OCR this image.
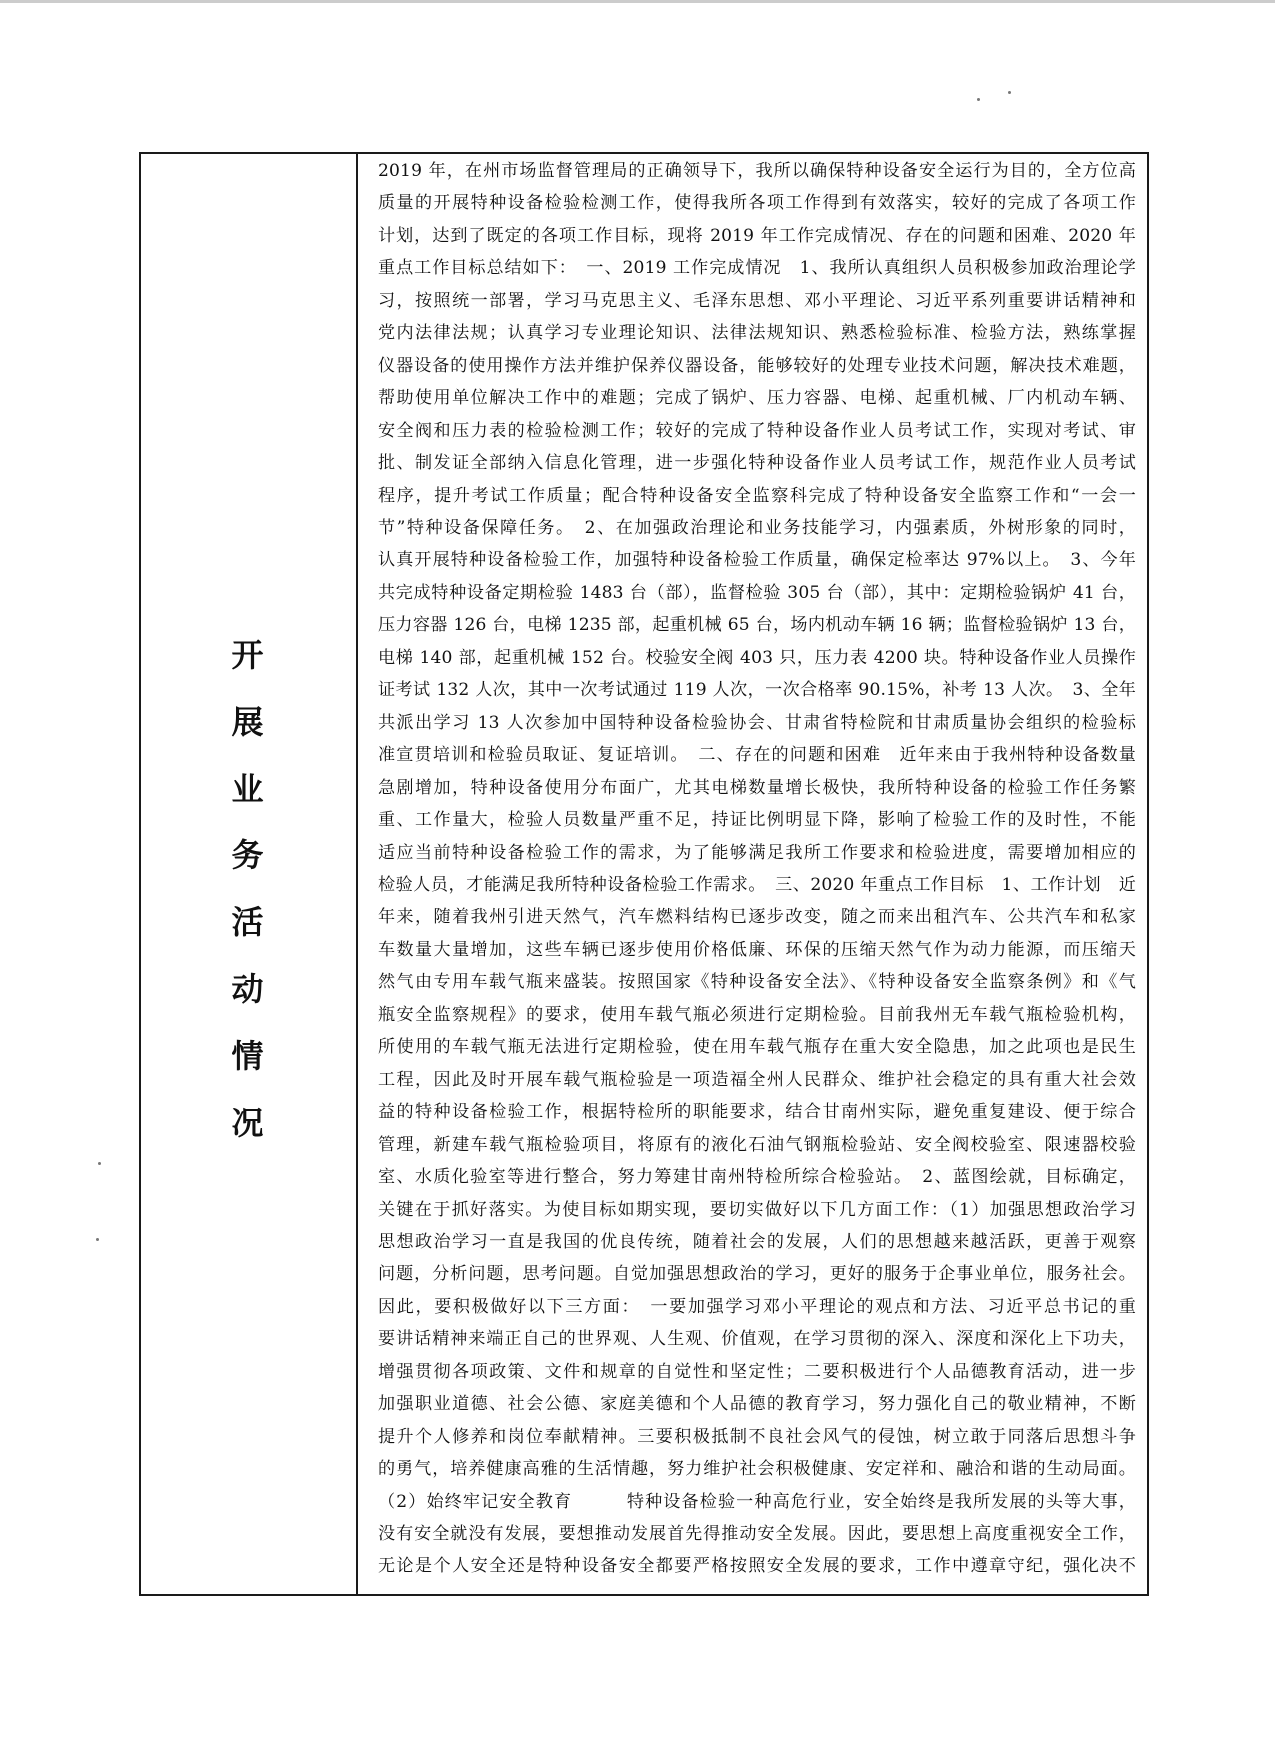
开
展
业
务
活
动
情
况
2019 年，在州市场监督管理局的正确领导下，我所以确保特种设备安全运行为目的，全方位高
质量的开展特种设备检验检测工作，使得我所各项工作得到有效落实，较好的完成了各项工作
计划，达到了既定的各项工作目标，现将 2019 年工作完成情况、存在的问题和困难、2020 年
重点工作目标总结如下：　一、2019 工作完成情况　1、我所认真组织人员积极参加政治理论学
习，按照统一部署，学习马克思主义、毛泽东思想、邓小平理论、习近平系列重要讲话精神和
党内法律法规；认真学习专业理论知识、法律法规知识、熟悉检验标准、检验方法，熟练掌握
仪器设备的使用操作方法并维护保养仪器设备，能够较好的处理专业技术问题，解决技术难题，
帮助使用单位解决工作中的难题；完成了锅炉、压力容器、电梯、起重机械、厂内机动车辆、
安全阀和压力表的检验检测工作；较好的完成了特种设备作业人员考试工作，实现对考试、审
批、制发证全部纳入信息化管理，进一步强化特种设备作业人员考试工作，规范作业人员考试
程序，提升考试工作质量；配合特种设备安全监察科完成了特种设备安全监察工作和“一会一
节”特种设备保障任务。　2、在加强政治理论和业务技能学习，内强素质，外树形象的同时，
认真开展特种设备检验工作，加强特种设备检验工作质量，确保定检率达 97%以上。　3、今年
共完成特种设备定期检验 1483 台（部），监督检验 305 台（部），其中：定期检验锅炉 41 台，
压力容器 126 台，电梯 1235 部，起重机械 65 台，场内机动车辆 16 辆；监督检验锅炉 13 台，
电梯 140 部，起重机械 152 台。校验安全阀 403 只，压力表 4200 块。特种设备作业人员操作
证考试 132 人次，其中一次考试通过 119 人次，一次合格率 90.15%，补考 13 人次。　3、全年
共派出学习 13 人次参加中国特种设备检验协会、甘肃省特检院和甘肃质量协会组织的检验标
准宣贯培训和检验员取证、复证培训。　二、存在的问题和困难　近年来由于我州特种设备数量
急剧增加，特种设备使用分布面广，尤其电梯数量增长极快，我所特种设备的检验工作任务繁
重、工作量大，检验人员数量严重不足，持证比例明显下降，影响了检验工作的及时性，不能
适应当前特种设备检验工作的需求，为了能够满足我所工作要求和检验进度，需要增加相应的
检验人员，才能满足我所特种设备检验工作需求。　三、2020 年重点工作目标　1、工作计划　近
年来，随着我州引进天然气，汽车燃料结构已逐步改变，随之而来出租汽车、公共汽车和私家
车数量大量增加，这些车辆已逐步使用价格低廉、环保的压缩天然气作为动力能源，而压缩天
然气由专用车载气瓶来盛装。按照国家《特种设备安全法》、《特种设备安全监察条例》和《气
瓶安全监察规程》的要求，使用车载气瓶必须进行定期检验。目前我州无车载气瓶检验机构，
所使用的车载气瓶无法进行定期检验，使在用车载气瓶存在重大安全隐患，加之此项也是民生
工程，因此及时开展车载气瓶检验是一项造福全州人民群众、维护社会稳定的具有重大社会效
益的特种设备检验工作，根据特检所的职能要求，结合甘南州实际，避免重复建设、便于综合
管理，新建车载气瓶检验项目，将原有的液化石油气钢瓶检验站、安全阀校验室、限速器校验
室、水质化验室等进行整合，努力筹建甘南州特检所综合检验站。　2、蓝图绘就，目标确定，
关键在于抓好落实。为使目标如期实现，要切实做好以下几方面工作：（1）加强思想政治学习
思想政治学习一直是我国的优良传统，随着社会的发展，人们的思想越来越活跃，更善于观察
问题，分析问题，思考问题。自觉加强思想政治的学习，更好的服务于企事业单位，服务社会。
因此，要积极做好以下三方面：　一要加强学习邓小平理论的观点和方法、习近平总书记的重
要讲话精神来端正自己的世界观、人生观、价值观，在学习贯彻的深入、深度和深化上下功夫，
增强贯彻各项政策、文件和规章的自觉性和坚定性；二要积极进行个人品德教育活动，进一步
加强职业道德、社会公德、家庭美德和个人品德的教育学习，努力强化自己的敬业精神，不断
提升个人修养和岗位奉献精神。三要积极抵制不良社会风气的侵蚀，树立敢于同落后思想斗争
的勇气，培养健康高雅的生活情趣，努力维护社会积极健康、安定祥和、融洽和谐的生动局面。
（2）始终牢记安全教育　　　特种设备检验一种高危行业，安全始终是我所发展的头等大事，
没有安全就没有发展，要想推动发展首先得推动安全发展。因此，要思想上高度重视安全工作，
无论是个人安全还是特种设备安全都要严格按照安全发展的要求，工作中遵章守纪，强化决不
